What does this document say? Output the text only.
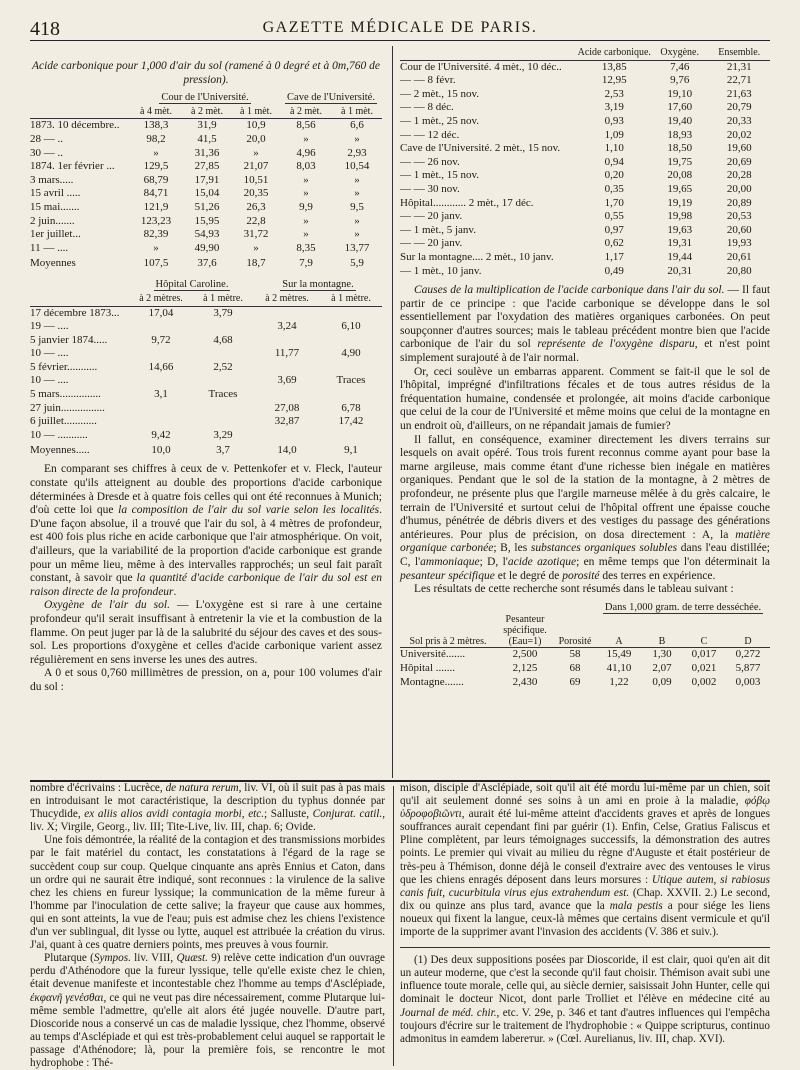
418	GAZETTE MÉDICALE DE PARIS.

Acide carbonique pour 1,000 d'air du sol (ramené à 0 degré et à 0m,760 de pression).

	Cour de l'Université.			Cave de l'Université.	
	à 4 mèt.	à 2 mèt.	à 1 mèt.	à 2 mèt.	à 1 mèt.
1873. 10 décembre..	138,3	31,9	10,9	8,56	6,6
28 — ..	98,2	41,5	20,0	»	»
30 — ..	»	31,36	»	4,96	2,93
1874. 1er février ...	129,5	27,85	21,07	8,03	10,54
3 mars.....	68,79	17,91	10,51	»	»
15 avril .....	84,71	15,04	20,35	»	»
15 mai.......	121,9	51,26	26,3	9,9	9,5
2 juin.......	123,23	15,95	22,8	»	»
1er juillet...	82,39	54,93	31,72	»	»
11 — ....	»	49,90	»	8,35	13,77
Moyennes	107,5	37,6	18,7	7,9	5,9
	Hôpital Caroline.		Sur la montagne.	
	à 2 mètres.	à 1 mètre.	à 2 mètres.	à 1 mètre.
17 décembre 1873...	17,04	3,79		
19 — ....			3,24	6,10
5 janvier 1874.....	9,72	4,68		
10 — ....			11,77	4,90
5 février...........	14,66	2,52		
10 — ....			3,69	Traces
5 mars...............	3,1	Traces		
27 juin................			27,08	6,78
6 juillet............			32,87	17,42
10 — ...........	9,42	3,29		
Moyennes.....	10,0	3,7	14,0	9,1

En comparant ses chiffres à ceux de v. Pettenkofer et v. Fleck, l'auteur constate qu'ils atteignent au double des proportions d'acide carbonique déterminées à Dresde et à quatre fois celles qui ont été reconnues à Munich; d'où cette loi que la composition de l'air du sol varie selon les localités. D'une façon absolue, il a trouvé que l'air du sol, à 4 mètres de profondeur, est 400 fois plus riche en acide carbonique que l'air atmosphérique. On voit, d'ailleurs, que la variabilité de la proportion d'acide carbonique est grande pour un même lieu, même à des intervalles rapprochés; un seul fait paraît constant, à savoir que la quantité d'acide carbonique de l'air du sol est en raison directe de la profondeur.

Oxygène de l'air du sol. — L'oxygène est si rare à une certaine profondeur qu'il serait insuffisant à entretenir la vie et la combustion de la flamme. On peut juger par là de la salubrité du séjour des caves et des sous-sol. Les proportions d'oxygène et celles d'acide carbonique varient assez régulièrement en sens inverse les unes des autres.

A 0 et sous 0,760 millimètres de pression, on a, pour 100 volumes d'air du sol :

	Acide carbonique.	Oxygène.	Ensemble.
Cour de l'Université. 4 mèt., 10 déc..	13,85	7,46	21,31
— — 8 févr.	12,95	9,76	22,71
— 2 mèt., 15 nov.	2,53	19,10	21,63
— — 8 déc.	3,19	17,60	20,79
— 1 mèt., 25 nov.	0,93	19,40	20,33
— — 12 déc.	1,09	18,93	20,02
Cave de l'Université. 2 mèt., 15 nov.	1,10	18,50	19,60
— — 26 nov.	0,94	19,75	20,69
— 1 mèt., 15 nov.	0,20	20,08	20,28
— — 30 nov.	0,35	19,65	20,00
Hôpital............ 2 mèt., 17 déc.	1,70	19,19	20,89
— — 20 janv.	0,55	19,98	20,53
— 1 mèt., 5 janv.	0,97	19,63	20,60
— — 20 janv.	0,62	19,31	19,93
Sur la montagne.... 2 mèt., 10 janv.	1,17	19,44	20,61
— 1 mèt., 10 janv.	0,49	20,31	20,80

Causes de la multiplication de l'acide carbonique dans l'air du sol. — Il faut partir de ce principe : que l'acide carbonique se développe dans le sol essentiellement par l'oxydation des matières organiques carbonées. On peut soupçonner d'autres sources; mais le tableau précédent montre bien que l'acide carbonique de l'air du sol représente de l'oxygène disparu, et n'est point simplement surajouté à de l'air normal.

Or, ceci soulève un embarras apparent. Comment se fait-il que le sol de l'hôpital, imprégné d'infiltrations fécales et de tous autres résidus de la fréquentation humaine, condensée et prolongée, ait moins d'acide carbonique que celui de la cour de l'Université et même moins que celui de la montagne en un endroit où, d'ailleurs, on ne répandait jamais de fumier?

Il fallut, en conséquence, examiner directement les divers terrains sur lesquels on avait opéré. Tous trois furent reconnus comme ayant pour base la marne argileuse, mais comme étant d'une richesse bien inégale en matières organiques. Pendant que le sol de la station de la montagne, à 2 mètres de profondeur, ne présente plus que l'argile marneuse mêlée à du grès calcaire, le terrain de l'Université et surtout celui de l'hôpital offrent une épaisse couche d'humus, pénétrée de débris divers et des vestiges du passage des générations antérieures. Pour plus de précision, on dosa directement : A, la matière organique carbonée; B, les substances organiques solubles dans l'eau distillée; C, l'ammoniaque; D, l'acide azotique; en même temps que l'on déterminait la pesanteur spécifique et le degré de porosité des terres en expérience.

Les résultats de cette recherche sont résumés dans le tableau suivant :

			Dans 1,000 gram. de terre desséchée.			
Sol pris à 2 mètres.	Pesanteur spécifique. (Eau=1)	Porosité	A	B	C	D
Université.......	2,500	58	15,49	1,30	0,017	0,272
Hôpital .......	2,125	68	41,10	2,07	0,021	5,877
Montagne.......	2,430	69	1,22	0,09	0,002	0,003

nombre d'écrivains : Lucrèce, de natura rerum, liv. VI, où il suit pas à pas mais en introduisant le mot caractéristique, la description du typhus donnée par Thucydide, ex aliis alios avidi contagia morbi, etc.; Salluste, Conjurat. catil., liv. X; Virgile, Georg., liv. III; Tite-Live, liv. III, chap. 6; Ovide.

Une fois démontrée, la réalité de la contagion et des transmissions morbides par le fait matériel du contact, les constatations à l'égard de la rage se succèdent coup sur coup. Quelque cinquante ans après Ennius et Caton, dans un ordre qui ne saurait être indiqué, sont reconnues : la virulence de la salive chez les chiens en fureur lyssique; la communication de la même fureur à l'homme par l'inoculation de cette salive; la frayeur que cause aux hommes, qui en sont atteints, la vue de l'eau; puis est admise chez les chiens l'existence d'un ver sublingual, dit lysse ou lytte, auquel est attribuée la création du virus. J'ai, quant à ces quatre derniers points, mes preuves à vous fournir.

Plutarque (Sympos. liv. VIII, Quæst. 9) relève cette indication d'un ouvrage perdu d'Athénodore que la fureur lyssique, telle qu'elle existe chez le chien, était devenue manifeste et incontestable chez l'homme au temps d'Asclépiade, ἐκφανῆ γενέσθαι, ce qui ne veut pas dire nécessairement, comme Plutarque lui-même semble l'admettre, qu'elle ait alors été jugée nouvelle. D'autre part, Dioscoride nous a conservé un cas de maladie lyssique, chez l'homme, observé au temps d'Asclépiade et qui est très-probablement celui auquel se rapportait le passage d'Athénodore; là, pour la première fois, se rencontre le mot hydrophobe : Thé-

mison, disciple d'Asclépiade, soit qu'il ait été mordu lui-même par un chien, soit qu'il ait seulement donné ses soins à un ami en proie à la maladie, φόβῳ ὑδροφοβιῶντι, aurait été lui-même atteint d'accidents graves et après de longues souffrances aurait cependant fini par guérir (1). Enfin, Celse, Gratius Faliscus et Pline complètent, par leurs témoignages successifs, la démonstration des autres points. Le premier qui vivait au milieu du règne d'Auguste et était postérieur de très-peu à Thémison, donne déjà le conseil d'extraire avec des ventouses le virus que les chiens enragés déposent dans leurs morsures : Utique autem, si rabiosus canis fuit, cucurbitula virus ejus extrahendum est. (Chap. XXVII. 2.) Le second, dix ou quinze ans plus tard, avance que la mala pestis a pour siége les liens noueux qui fixent la langue, ceux-là mêmes que certains disent vermicule et qu'il importe de la supprimer avant l'invasion des accidents (V. 386 et suiv.).

(1) Des deux suppositions posées par Dioscoride, il est clair, quoi qu'en ait dit un auteur moderne, que c'est la seconde qu'il faut choisir. Thémison avait subi une influence toute morale, celle qui, au siècle dernier, saisissait John Hunter, celle qui dominait le docteur Nicot, dont parle Trolliet et l'élève en médecine cité au Journal de méd. chir., etc. V. 29e, p. 346 et tant d'autres influences qui l'empêcha toujours d'écrire sur le traitement de l'hydrophobie : « Quippe scripturus, continuo admonitus in eamdem labereтur. » (Cœl. Aurelianus, liv. III, chap. XVI).
